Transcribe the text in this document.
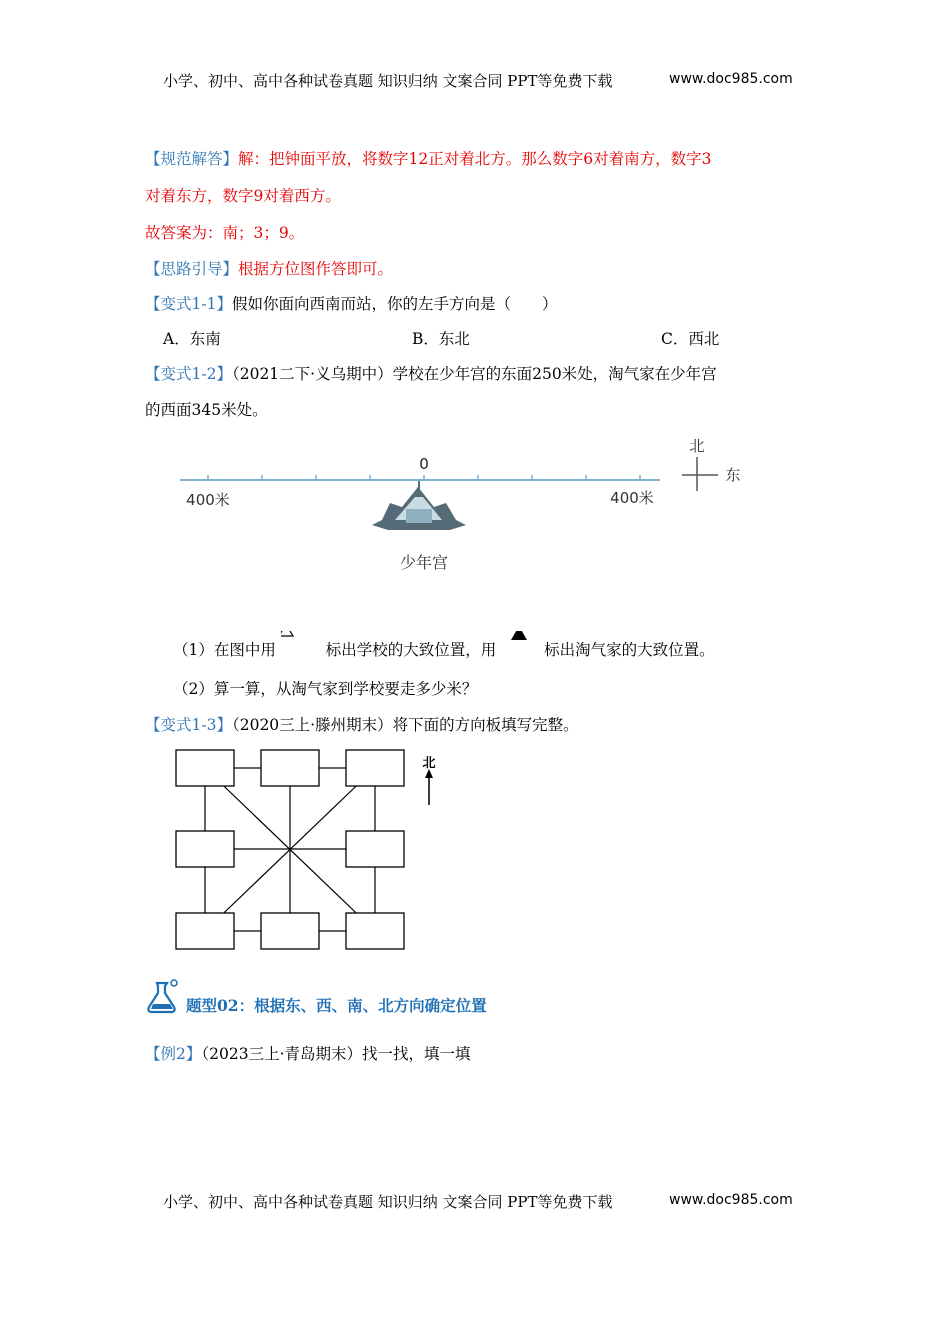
小学、初中、高中各种试卷真题 知识归纳 文案合同 PPT等免费下载	www.doc985.com
【规范解答】解：把钟面平放，将数字12正对着北方。那么数字6对着南方，数字3
对着东方，数字9对着西方。
故答案为：南；3；9。
【思路引导】根据方位图作答即可。
【变式1-1】假如你面向西南而站，你的左手方向是（　　）
A．东南	B．东北	C．西北
【变式1-2】（2021二下·义乌期中）学校在少年宫的东面250米处，淘气家在少年宫
的西面345米处。
0
400米	400米
少年宫
北
东
（1）在图中用	标出学校的大致位置，用	标出淘气家的大致位置。
（2）算一算，从淘气家到学校要走多少米？
【变式1-3】（2020三上·滕州期末）将下面的方向板填写完整。
北
题型02：根据东、西、南、北方向确定位置
【例2】（2023三上·青岛期末）找一找，填一填
小学、初中、高中各种试卷真题 知识归纳 文案合同 PPT等免费下载	www.doc985.com
